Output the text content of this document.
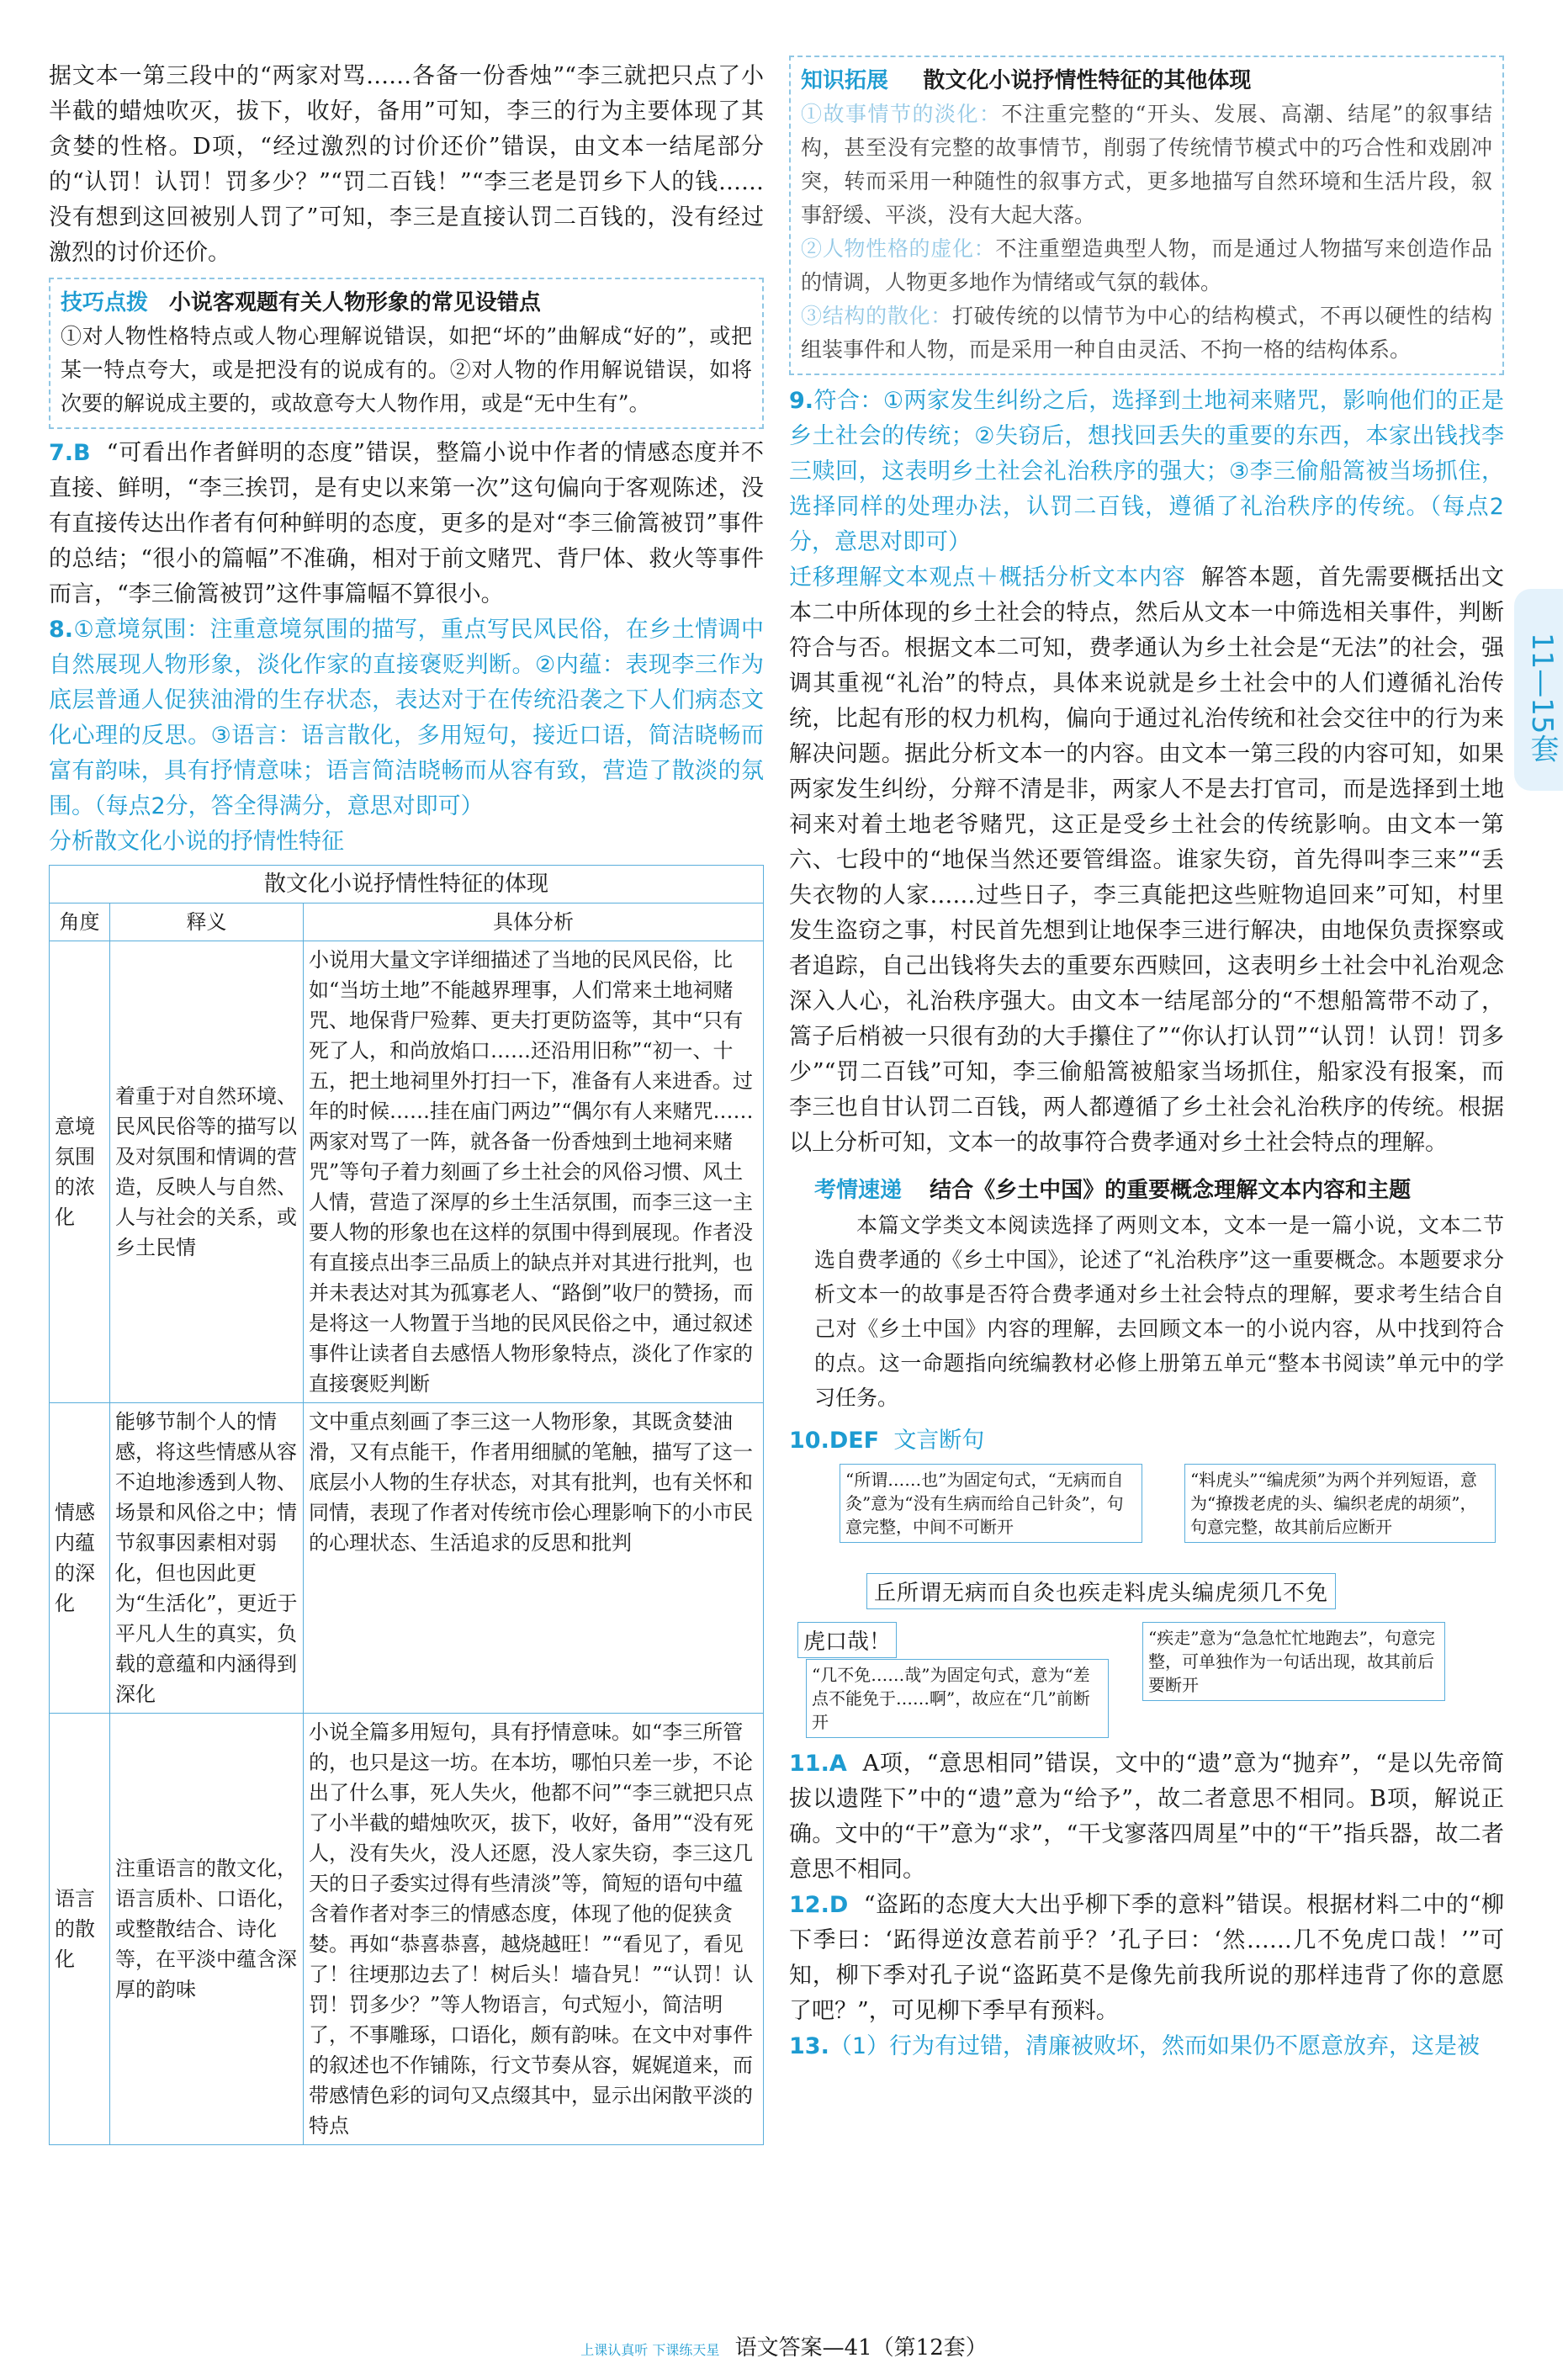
据文本一第三段中的“两家对骂……各备一份香烛”“李三就把只点了小半截的蜡烛吹灭，拔下，收好，备用”可知，李三的行为主要体现了其贪婪的性格。D项，“经过激烈的讨价还价”错误，由文本一结尾部分的“认罚！认罚！罚多少？”“罚二百钱！”“李三老是罚乡下人的钱……没有想到这回被别人罚了”可知，李三是直接认罚二百钱的，没有经过激烈的讨价还价。

技巧点拨 小说客观题有关人物形象的常见设错点

①对人物性格特点或人物心理解说错误，如把“坏的”曲解成“好的”，或把某一特点夸大，或是把没有的说成有的。②对人物的作用解说错误，如将次要的解说成主要的，或故意夸大人物作用，或是“无中生有”。

7.B “可看出作者鲜明的态度”错误，整篇小说中作者的情感态度并不直接、鲜明，“李三挨罚，是有史以来第一次”这句偏向于客观陈述，没有直接传达出作者有何种鲜明的态度，更多的是对“李三偷篙被罚”事件的总结；“很小的篇幅”不准确，相对于前文赌咒、背尸体、救火等事件而言，“李三偷篙被罚”这件事篇幅不算很小。

8.①意境氛围：注重意境氛围的描写，重点写民风民俗，在乡土情调中自然展现人物形象，淡化作家的直接褒贬判断。②内蕴：表现李三作为底层普通人促狭油滑的生存状态，表达对于在传统沿袭之下人们病态文化心理的反思。③语言：语言散化，多用短句，接近口语，简洁晓畅而富有韵味，具有抒情意味；语言简洁晓畅而从容有致，营造了散淡的氛围。（每点2分，答全得满分，意思对即可）

分析散文化小说的抒情性特征

散文化小说抒情性特征的体现		
角度	释义	具体分析
意境氛围的浓化	着重于对自然环境、民风民俗等的描写以及对氛围和情调的营造，反映人与自然、人与社会的关系，或乡土民情	小说用大量文字详细描述了当地的民风民俗，比如“当坊土地”不能越界理事，人们常来土地祠赌咒、地保背尸殓葬、更夫打更防盗等，其中“只有死了人，和尚放焰口……还沿用旧称”“初一、十五，把土地祠里外打扫一下，准备有人来进香。过年的时候……挂在庙门两边”“偶尔有人来赌咒……两家对骂了一阵，就各备一份香烛到土地祠来赌咒”等句子着力刻画了乡土社会的风俗习惯、风土人情，营造了深厚的乡土生活氛围，而李三这一主要人物的形象也在这样的氛围中得到展现。作者没有直接点出李三品质上的缺点并对其进行批判，也并未表达对其为孤寡老人、“路倒”收尸的赞扬，而是将这一人物置于当地的民风民俗之中，通过叙述事件让读者自去感悟人物形象特点，淡化了作家的直接褒贬判断
情感内蕴的深化	能够节制个人的情感，将这些情感从容不迫地渗透到人物、场景和风俗之中；情节叙事因素相对弱化，但也因此更为“生活化”，更近于平凡人生的真实，负载的意蕴和内涵得到深化	文中重点刻画了李三这一人物形象，其既贪婪油滑，又有点能干，作者用细腻的笔触，描写了这一底层小人物的生存状态，对其有批判，也有关怀和同情，表现了作者对传统市侩心理影响下的小市民的心理状态、生活追求的反思和批判
语言的散化	注重语言的散文化，语言质朴、口语化，或整散结合、诗化等，在平淡中蕴含深厚的韵味	小说全篇多用短句，具有抒情意味。如“李三所管的，也只是这一坊。在本坊，哪怕只差一步，不论出了什么事，死人失火，他都不问”“李三就把只点了小半截的蜡烛吹灭，拔下，收好，备用”“没有死人，没有失火，没人还愿，没人家失窃，李三这几天的日子委实过得有些清淡”等，简短的语句中蕴含着作者对李三的情感态度，体现了他的促狭贪婪。再如“恭喜恭喜，越烧越旺！”“看见了，看见了！往埂那边去了！树后头！墙旮旯！”“认罚！认罚！罚多少？”等人物语言，句式短小，简洁明了，不事雕琢，口语化，颇有韵味。在文中对事件的叙述也不作铺陈，行文节奏从容，娓娓道来，而带感情色彩的词句又点缀其中，显示出闲散平淡的特点
知识拓展 散文化小说抒情性特征的其他体现

①故事情节的淡化：不注重完整的“开头、发展、高潮、结尾”的叙事结构，甚至没有完整的故事情节，削弱了传统情节模式中的巧合性和戏剧冲突，转而采用一种随性的叙事方式，更多地描写自然环境和生活片段，叙事舒缓、平淡，没有大起大落。

②人物性格的虚化：不注重塑造典型人物，而是通过人物描写来创造作品的情调，人物更多地作为情绪或气氛的载体。

③结构的散化：打破传统的以情节为中心的结构模式，不再以硬性的结构组装事件和人物，而是采用一种自由灵活、不拘一格的结构体系。

9.符合：①两家发生纠纷之后，选择到土地祠来赌咒，影响他们的正是乡土社会的传统；②失窃后，想找回丢失的重要的东西，本家出钱找李三赎回，这表明乡土社会礼治秩序的强大；③李三偷船篙被当场抓住，选择同样的处理办法，认罚二百钱，遵循了礼治秩序的传统。（每点2分，意思对即可）

迁移理解文本观点＋概括分析文本内容 解答本题，首先需要概括出文本二中所体现的乡土社会的特点，然后从文本一中筛选相关事件，判断符合与否。根据文本二可知，费孝通认为乡土社会是“无法”的社会，强调其重视“礼治”的特点，具体来说就是乡土社会中的人们遵循礼治传统，比起有形的权力机构，偏向于通过礼治传统和社会交往中的行为来解决问题。据此分析文本一的内容。由文本一第三段的内容可知，如果两家发生纠纷，分辩不清是非，两家人不是去打官司，而是选择到土地祠来对着土地老爷赌咒，这正是受乡土社会的传统影响。由文本一第六、七段中的“地保当然还要管缉盗。谁家失窃，首先得叫李三来”“丢失衣物的人家……过些日子，李三真能把这些赃物追回来”可知，村里发生盗窃之事，村民首先想到让地保李三进行解决，由地保负责探察或者追踪，自己出钱将失去的重要东西赎回，这表明乡土社会中礼治观念深入人心，礼治秩序强大。由文本一结尾部分的“不想船篙带不动了，篙子后梢被一只很有劲的大手攥住了”“你认打认罚”“认罚！认罚！罚多少”“罚二百钱”可知，李三偷船篙被船家当场抓住，船家没有报案，而李三也自甘认罚二百钱，两人都遵循了乡土社会礼治秩序的传统。根据以上分析可知，文本一的故事符合费孝通对乡土社会特点的理解。

考情速递 结合《乡土中国》的重要概念理解文本内容和主题

本篇文学类文本阅读选择了两则文本，文本一是一篇小说，文本二节选自费孝通的《乡土中国》，论述了“礼治秩序”这一重要概念。本题要求分析文本一的故事是否符合费孝通对乡土社会特点的理解，要求考生结合自己对《乡土中国》内容的理解，去回顾文本一的小说内容，从中找到符合的点。这一命题指向统编教材必修上册第五单元“整本书阅读”单元中的学习任务。

10.DEF 文言断句

“所谓……也”为固定句式，“无病而自灸”意为“没有生病而给自己针灸”，句意完整，中间不可断开
“料虎头”“编虎须”为两个并列短语，意为“撩拨老虎的头、编织老虎的胡须”，句意完整，故其前后应断开
丘所谓无病而自灸也疾走料虎头编虎须几不免
虎口哉！
“几不免……哉”为固定句式，意为“差点不能免于……啊”，故应在“几”前断开
“疾走”意为“急急忙忙地跑去”，句意完整，可单独作为一句话出现，故其前后要断开

11.A A项，“意思相同”错误，文中的“遗”意为“抛弃”，“是以先帝简拔以遗陛下”中的“遗”意为“给予”，故二者意思不相同。B项，解说正确。文中的“干”意为“求”，“干戈寥落四周星”中的“干”指兵器，故二者意思不相同。

12.D “盗跖的态度大大出乎柳下季的意料”错误。根据材料二中的“柳下季曰：‘跖得逆汝意若前乎？’孔子曰：‘然……几不免虎口哉！’”可知，柳下季对孔子说“盗跖莫不是像先前我所说的那样违背了你的意愿了吧？”，可见柳下季早有预料。

13.（1）行为有过错，清廉被败坏，然而如果仍不愿意放弃，这是被

11—15套
上课认真听 下课练天星 语文答案—41（第12套）
